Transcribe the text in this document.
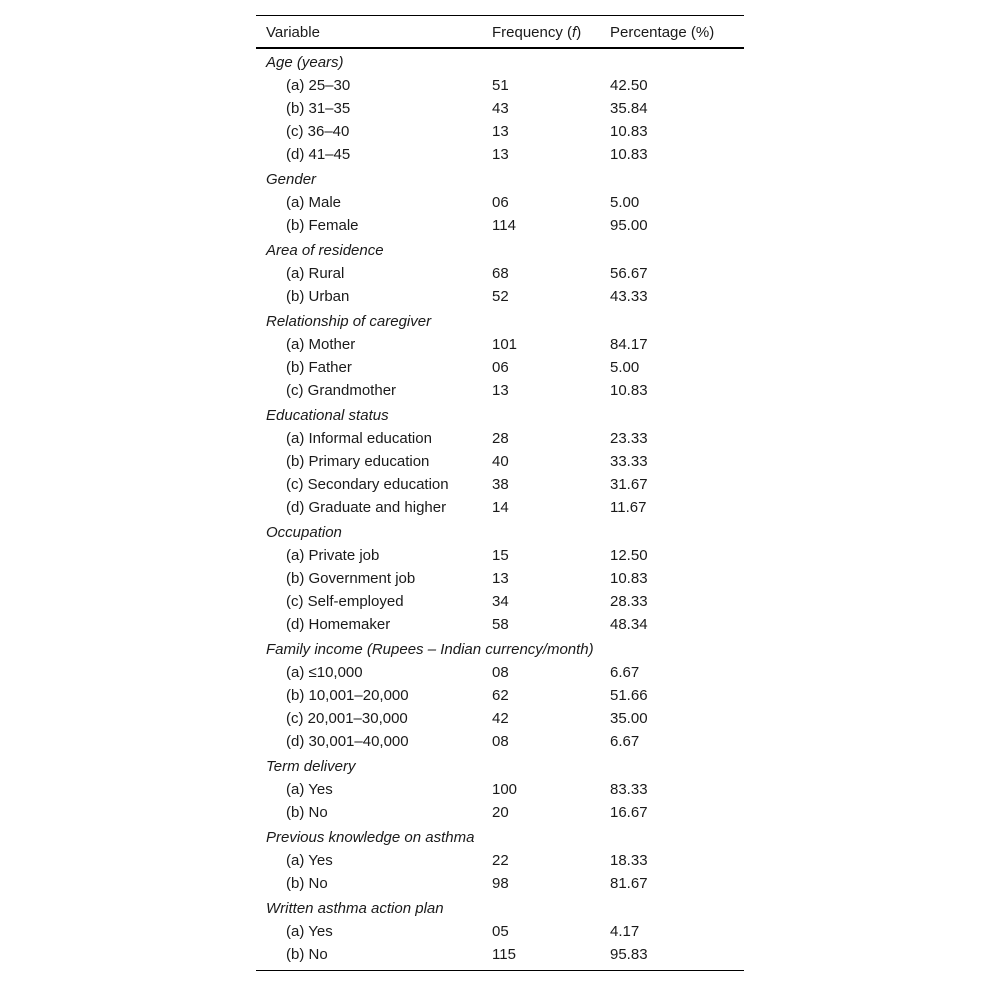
Variable	Frequency (f)	Percentage (%)
Age (years)
(a) 25–30	51	42.50
(b) 31–35	43	35.84
(c) 36–40	13	10.83
(d) 41–45	13	10.83
Gender
(a) Male	06	5.00
(b) Female	114	95.00
Area of residence
(a) Rural	68	56.67
(b) Urban	52	43.33
Relationship of caregiver
(a) Mother	101	84.17
(b) Father	06	5.00
(c) Grandmother	13	10.83
Educational status
(a) Informal education	28	23.33
(b) Primary education	40	33.33
(c) Secondary education	38	31.67
(d) Graduate and higher	14	11.67
Occupation
(a) Private job	15	12.50
(b) Government job	13	10.83
(c) Self-employed	34	28.33
(d) Homemaker	58	48.34
Family income (Rupees – Indian currency/month)
(a) ≤10,000	08	6.67
(b) 10,001–20,000	62	51.66
(c) 20,001–30,000	42	35.00
(d) 30,001–40,000	08	6.67
Term delivery
(a) Yes	100	83.33
(b) No	20	16.67
Previous knowledge on asthma
(a) Yes	22	18.33
(b) No	98	81.67
Written asthma action plan
(a) Yes	05	4.17
(b) No	115	95.83
